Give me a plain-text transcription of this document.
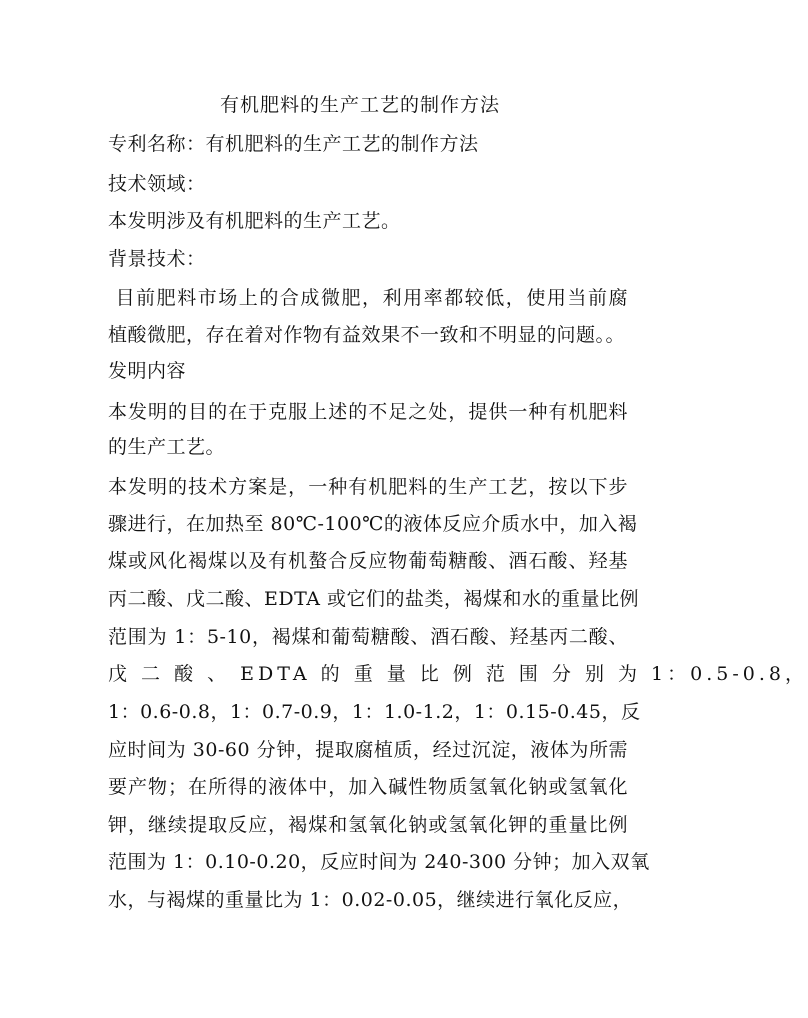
有机肥料的生产工艺的制作方法
专利名称：有机肥料的生产工艺的制作方法
技术领域：
本发明涉及有机肥料的生产工艺。
背景技术：
目前肥料市场上的合成微肥，利用率都较低，使用当前腐
植酸微肥，存在着对作物有益效果不一致和不明显的问题。。
发明内容
本发明的目的在于克服上述的不足之处，提供一种有机肥料
的生产工艺。
本发明的技术方案是，一种有机肥料的生产工艺，按以下步
骤进行，在加热至 80℃-100℃的液体反应介质水中，加入褐
煤或风化褐煤以及有机螯合反应物葡萄糖酸、酒石酸、羟基
丙二酸、戊二酸、EDTA 或它们的盐类，褐煤和水的重量比例
范围为 1：5-10，褐煤和葡萄糖酸、酒石酸、羟基丙二酸、
戊 二 酸 、 EDTA 的 重 量 比 例 范 围 分 别 为 1：0.5-0.8，
1：0.6-0.8，1：0.7-0.9，1：1.0-1.2，1：0.15-0.45，反
应时间为 30-60 分钟，提取腐植质，经过沉淀，液体为所需
要产物；在所得的液体中，加入碱性物质氢氧化钠或氢氧化
钾，继续提取反应，褐煤和氢氧化钠或氢氧化钾的重量比例
范围为 1：0.10-0.20，反应时间为 240-300 分钟；加入双氧
水，与褐煤的重量比为 1：0.02-0.05，继续进行氧化反应，
